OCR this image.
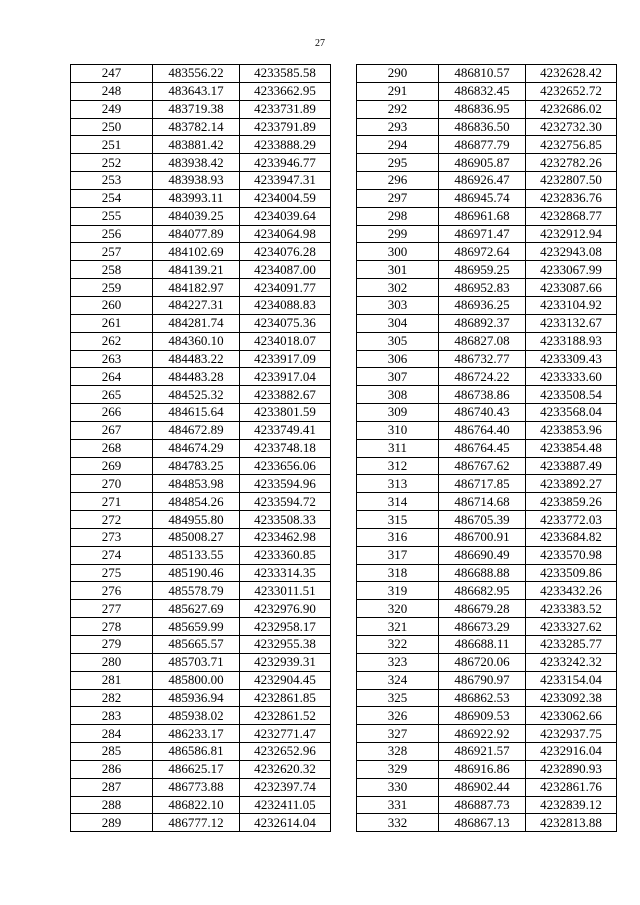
27
247	483556.22	4233585.58
248	483643.17	4233662.95
249	483719.38	4233731.89
250	483782.14	4233791.89
251	483881.42	4233888.29
252	483938.42	4233946.77
253	483938.93	4233947.31
254	483993.11	4234004.59
255	484039.25	4234039.64
256	484077.89	4234064.98
257	484102.69	4234076.28
258	484139.21	4234087.00
259	484182.97	4234091.77
260	484227.31	4234088.83
261	484281.74	4234075.36
262	484360.10	4234018.07
263	484483.22	4233917.09
264	484483.28	4233917.04
265	484525.32	4233882.67
266	484615.64	4233801.59
267	484672.89	4233749.41
268	484674.29	4233748.18
269	484783.25	4233656.06
270	484853.98	4233594.96
271	484854.26	4233594.72
272	484955.80	4233508.33
273	485008.27	4233462.98
274	485133.55	4233360.85
275	485190.46	4233314.35
276	485578.79	4233011.51
277	485627.69	4232976.90
278	485659.99	4232958.17
279	485665.57	4232955.38
280	485703.71	4232939.31
281	485800.00	4232904.45
282	485936.94	4232861.85
283	485938.02	4232861.52
284	486233.17	4232771.47
285	486586.81	4232652.96
286	486625.17	4232620.32
287	486773.88	4232397.74
288	486822.10	4232411.05
289	486777.12	4232614.04
290	486810.57	4232628.42
291	486832.45	4232652.72
292	486836.95	4232686.02
293	486836.50	4232732.30
294	486877.79	4232756.85
295	486905.87	4232782.26
296	486926.47	4232807.50
297	486945.74	4232836.76
298	486961.68	4232868.77
299	486971.47	4232912.94
300	486972.64	4232943.08
301	486959.25	4233067.99
302	486952.83	4233087.66
303	486936.25	4233104.92
304	486892.37	4233132.67
305	486827.08	4233188.93
306	486732.77	4233309.43
307	486724.22	4233333.60
308	486738.86	4233508.54
309	486740.43	4233568.04
310	486764.40	4233853.96
311	486764.45	4233854.48
312	486767.62	4233887.49
313	486717.85	4233892.27
314	486714.68	4233859.26
315	486705.39	4233772.03
316	486700.91	4233684.82
317	486690.49	4233570.98
318	486688.88	4233509.86
319	486682.95	4233432.26
320	486679.28	4233383.52
321	486673.29	4233327.62
322	486688.11	4233285.77
323	486720.06	4233242.32
324	486790.97	4233154.04
325	486862.53	4233092.38
326	486909.53	4233062.66
327	486922.92	4232937.75
328	486921.57	4232916.04
329	486916.86	4232890.93
330	486902.44	4232861.76
331	486887.73	4232839.12
332	486867.13	4232813.88
